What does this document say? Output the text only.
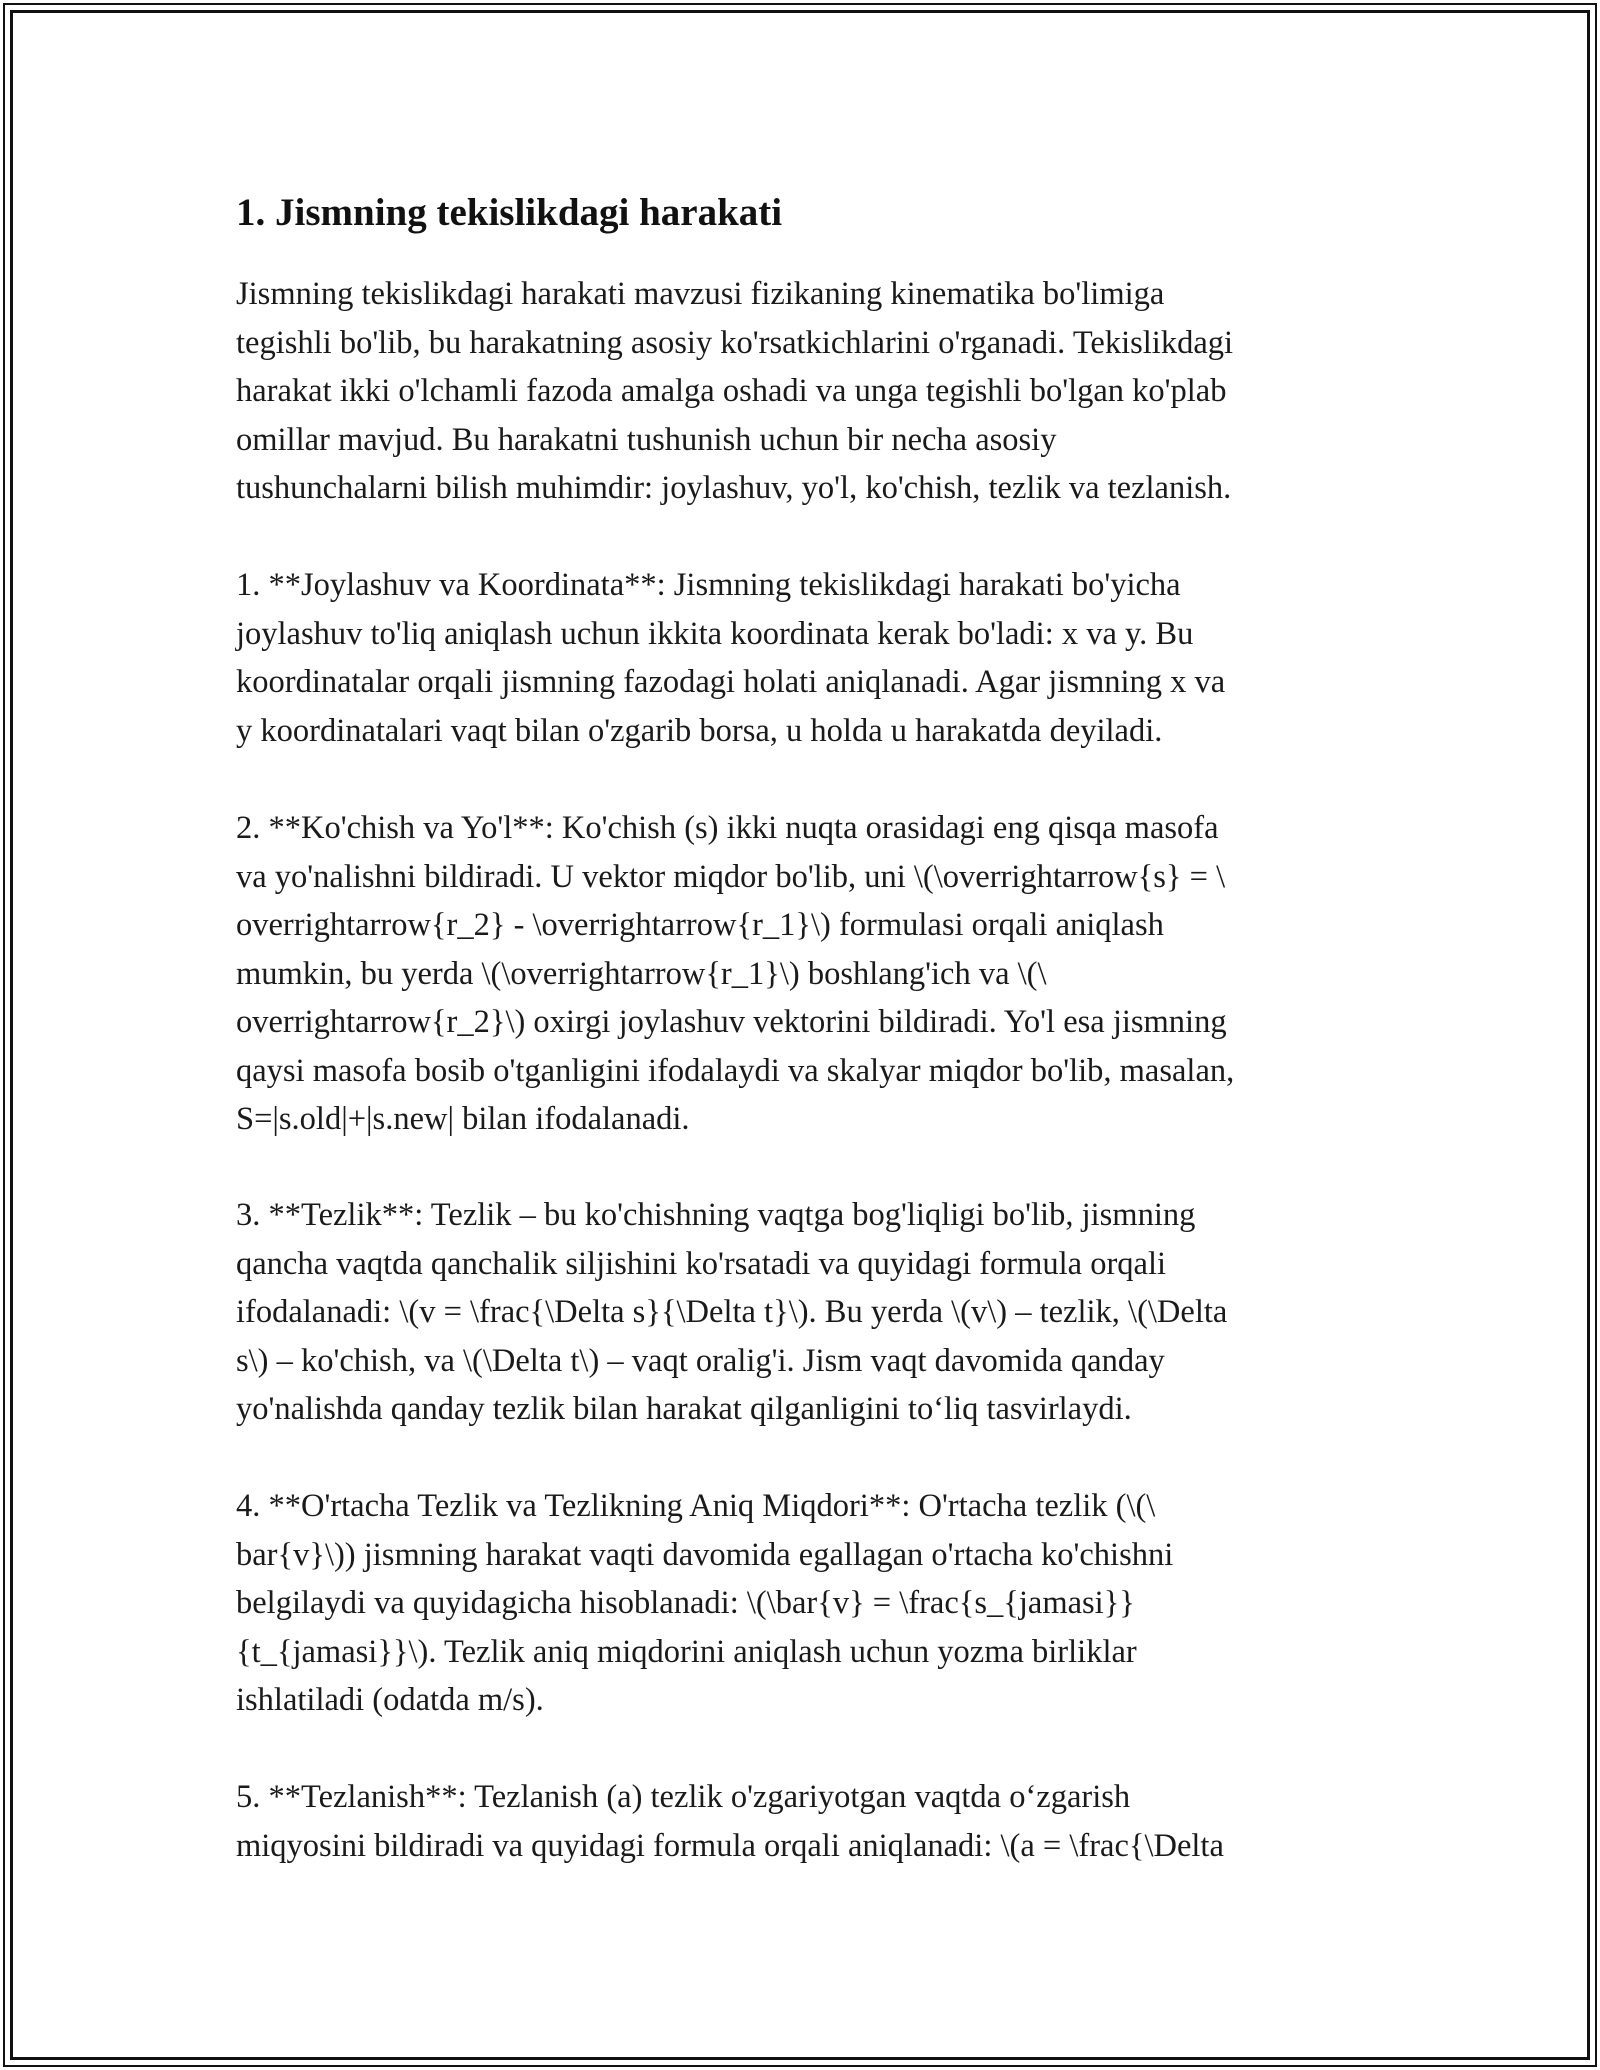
1. Jismning tekislikdagi harakati
Jismning tekislikdagi harakati mavzusi fizikaning kinematika bo'limiga
tegishli bo'lib, bu harakatning asosiy ko'rsatkichlarini o'rganadi. Tekislikdagi
harakat ikki o'lchamli fazoda amalga oshadi va unga tegishli bo'lgan ko'plab
omillar mavjud. Bu harakatni tushunish uchun bir necha asosiy
tushunchalarni bilish muhimdir: joylashuv, yo'l, ko'chish, tezlik va tezlanish.
1. **Joylashuv va Koordinata**: Jismning tekislikdagi harakati bo'yicha
joylashuv to'liq aniqlash uchun ikkita koordinata kerak bo'ladi: x va y. Bu
koordinatalar orqali jismning fazodagi holati aniqlanadi. Agar jismning x va
y koordinatalari vaqt bilan o'zgarib borsa, u holda u harakatda deyiladi.
2. **Ko'chish va Yo'l**: Ko'chish (s) ikki nuqta orasidagi eng qisqa masofa
va yo'nalishni bildiradi. U vektor miqdor bo'lib, uni \(\overrightarrow{s} = \
overrightarrow{r_2} - \overrightarrow{r_1}\) formulasi orqali aniqlash
mumkin, bu yerda \(\overrightarrow{r_1}\) boshlang'ich va \(\
overrightarrow{r_2}\) oxirgi joylashuv vektorini bildiradi. Yo'l esa jismning
qaysi masofa bosib o'tganligini ifodalaydi va skalyar miqdor bo'lib, masalan,
S=|s.old|+|s.new| bilan ifodalanadi.
3. **Tezlik**: Tezlik – bu ko'chishning vaqtga bog'liqligi bo'lib, jismning
qancha vaqtda qanchalik siljishini ko'rsatadi va quyidagi formula orqali
ifodalanadi: \(v = \frac{\Delta s}{\Delta t}\). Bu yerda \(v\) – tezlik, \(\Delta
s\) – ko'chish, va \(\Delta t\) – vaqt oralig'i. Jism vaqt davomida qanday
yo'nalishda qanday tezlik bilan harakat qilganligini to‘liq tasvirlaydi.
4. **O'rtacha Tezlik va Tezlikning Aniq Miqdori**: O'rtacha tezlik (\(\
bar{v}\)) jismning harakat vaqti davomida egallagan o'rtacha ko'chishni
belgilaydi va quyidagicha hisoblanadi: \(\bar{v} = \frac{s_{jamasi}}
{t_{jamasi}}\). Tezlik aniq miqdorini aniqlash uchun yozma birliklar
ishlatiladi (odatda m/s).
5. **Tezlanish**: Tezlanish (a) tezlik o'zgariyotgan vaqtda o‘zgarish
miqyosini bildiradi va quyidagi formula orqali aniqlanadi: \(a = \frac{\Delta
